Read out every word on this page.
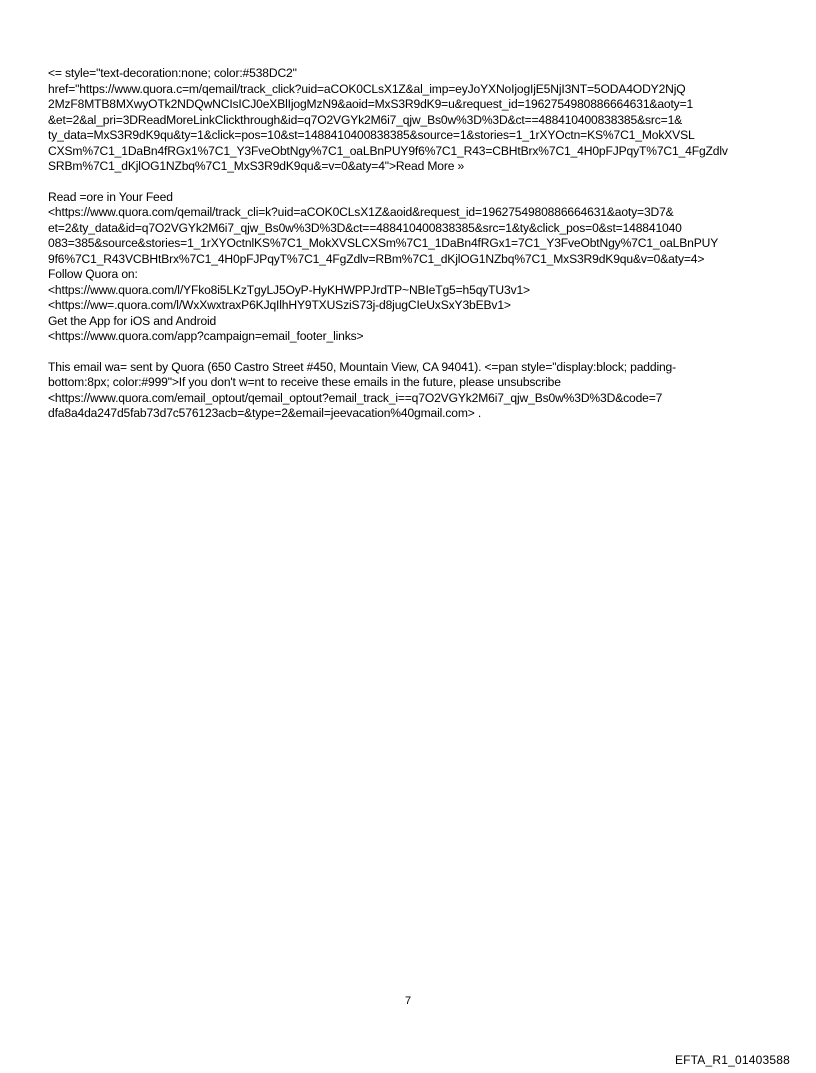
<= style="text-decoration:none; color:#538DC2"
href="https://www.quora.c=m/qemail/track_click?uid=aCOK0CLsX1Z&al_imp=eyJoYXNoIjogIjE5NjI3NT=5ODA4ODY2NjQ
2MzF8MTB8MXwyOTk2NDQwNCIsICJ0eXBlIjogMzN9&aoid=MxS3R9dK9=u&request_id=1962754980886664631&aoty=1
&et=2&al_pri=3DReadMoreLinkClickthrough&id=q7O2VGYk2M6i7_qjw_Bs0w%3D%3D&ct==488410400838385&src=1&
ty_data=MxS3R9dK9qu&ty=1&click=pos=10&st=1488410400838385&source=1&stories=1_1rXYOctn=KS%7C1_MokXVSL
CXSm%7C1_1DaBn4fRGx1%7C1_Y3FveObtNgy%7C1_oaLBnPUY9f6%7C1_R43=CBHtBrx%7C1_4H0pFJPqyT%7C1_4FgZdlv
SRBm%7C1_dKjlOG1NZbq%7C1_MxS3R9dK9qu&=v=0&aty=4">Read More »
Read =ore in Your Feed
<https://www.quora.com/qemail/track_cli=k?uid=aCOK0CLsX1Z&aoid&request_id=1962754980886664631&aoty=3D7&
et=2&ty_data&id=q7O2VGYk2M6i7_qjw_Bs0w%3D%3D&ct==488410400838385&src=1&ty&click_pos=0&st=148841040
083=385&source&stories=1_1rXYOctnlKS%7C1_MokXVSLCXSm%7C1_1DaBn4fRGx1=7C1_Y3FveObtNgy%7C1_oaLBnPUY
9f6%7C1_R43VCBHtBrx%7C1_4H0pFJPqyT%7C1_4FgZdlv=RBm%7C1_dKjlOG1NZbq%7C1_MxS3R9dK9qu&v=0&aty=4>
Follow Quora on:
<https://www.quora.com/l/YFko8i5LKzTgyLJ5OyP-HyKHWPPJrdTP~NBIeTg5=h5qyTU3v1>
<https://ww=.quora.com/l/WxXwxtraxP6KJqIlhHY9TXUSziS73j-d8jugCIeUxSxY3bEBv1>
Get the App for iOS and Android
<https://www.quora.com/app?campaign=email_footer_links>
This email wa= sent by Quora (650 Castro Street #450, Mountain View, CA 94041). <=pan style="display:block; padding-
bottom:8px; color:#999">If you don't w=nt to receive these emails in the future, please unsubscribe
<https://www.quora.com/email_optout/qemail_optout?email_track_i==q7O2VGYk2M6i7_qjw_Bs0w%3D%3D&code=7
dfa8a4da247d5fab73d7c576123acb=&type=2&email=jeevacation%40gmail.com> .
7
EFTA_R1_01403588
